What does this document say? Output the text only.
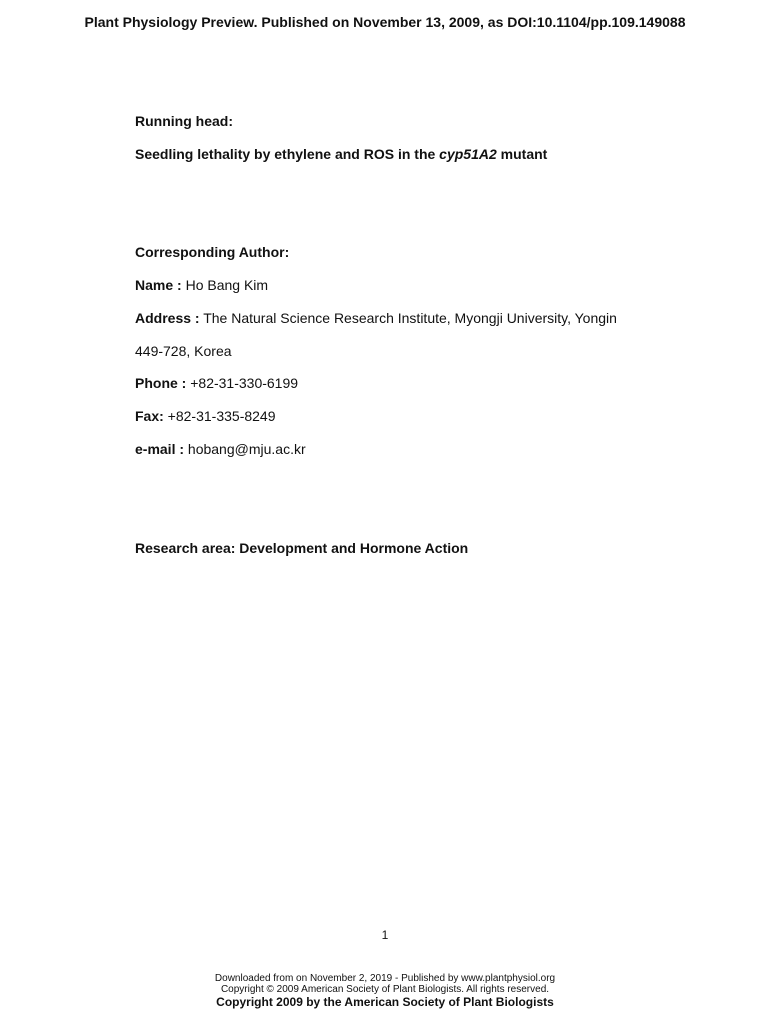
Plant Physiology Preview. Published on November 13, 2009, as DOI:10.1104/pp.109.149088
Running head:
Seedling lethality by ethylene and ROS in the cyp51A2 mutant
Corresponding Author:
Name : Ho Bang Kim
Address : The Natural Science Research Institute, Myongji University, Yongin
449-728, Korea
Phone : +82-31-330-6199
Fax: +82-31-335-8249
e-mail : hobang@mju.ac.kr
Research area: Development and Hormone Action
1
Downloaded from on November 2, 2019 - Published by www.plantphysiol.org
Copyright © 2009 American Society of Plant Biologists. All rights reserved.
Copyright 2009 by the American Society of Plant Biologists
